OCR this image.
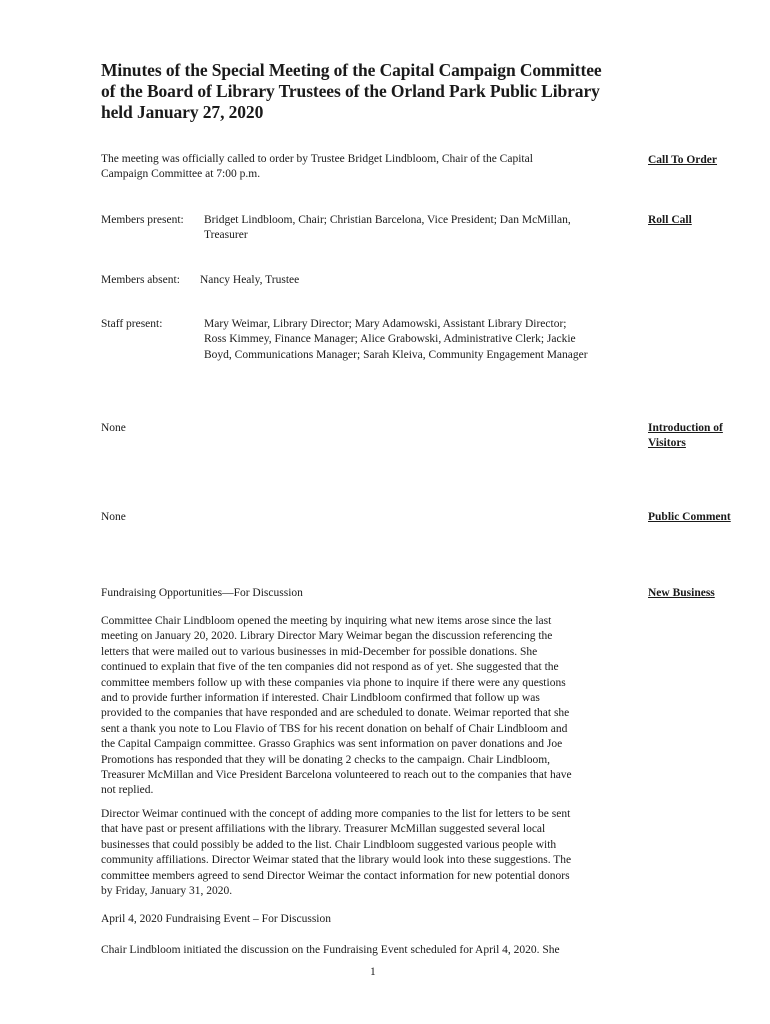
Minutes of the Special Meeting of the Capital Campaign Committee
of the Board of Library Trustees of the Orland Park Public Library
held January 27, 2020
The meeting was officially called to order by Trustee Bridget Lindbloom, Chair of the Capital
Campaign Committee at 7:00 p.m.
Call To Order
Members present: Bridget Lindbloom, Chair; Christian Barcelona, Vice President; Dan McMillan,
Treasurer
Roll Call
Members absent: Nancy Healy, Trustee
Staff present:	Mary Weimar, Library Director; Mary Adamowski, Assistant Library Director;
Ross Kimmey, Finance Manager; Alice Grabowski, Administrative Clerk; Jackie
Boyd, Communications Manager; Sarah Kleiva, Community Engagement Manager
None	Introduction of
Visitors
None	Public Comment
Fundraising Opportunities—For Discussion	New Business
Committee Chair Lindbloom opened the meeting by inquiring what new items arose since the last
meeting on January 20, 2020. Library Director Mary Weimar began the discussion referencing the
letters that were mailed out to various businesses in mid-December for possible donations. She
continued to explain that five of the ten companies did not respond as of yet. She suggested that the
committee members follow up with these companies via phone to inquire if there were any questions
and to provide further information if interested. Chair Lindbloom confirmed that follow up was
provided to the companies that have responded and are scheduled to donate. Weimar reported that she
sent a thank you note to Lou Flavio of TBS for his recent donation on behalf of Chair Lindbloom and
the Capital Campaign committee. Grasso Graphics was sent information on paver donations and Joe
Promotions has responded that they will be donating 2 checks to the campaign. Chair Lindbloom,
Treasurer McMillan and Vice President Barcelona volunteered to reach out to the companies that have
not replied.
Director Weimar continued with the concept of adding more companies to the list for letters to be sent
that have past or present affiliations with the library. Treasurer McMillan suggested several local
businesses that could possibly be added to the list. Chair Lindbloom suggested various people with
community affiliations. Director Weimar stated that the library would look into these suggestions. The
committee members agreed to send Director Weimar the contact information for new potential donors
by Friday, January 31, 2020.
April 4, 2020 Fundraising Event – For Discussion
Chair Lindbloom initiated the discussion on the Fundraising Event scheduled for April 4, 2020. She
1
